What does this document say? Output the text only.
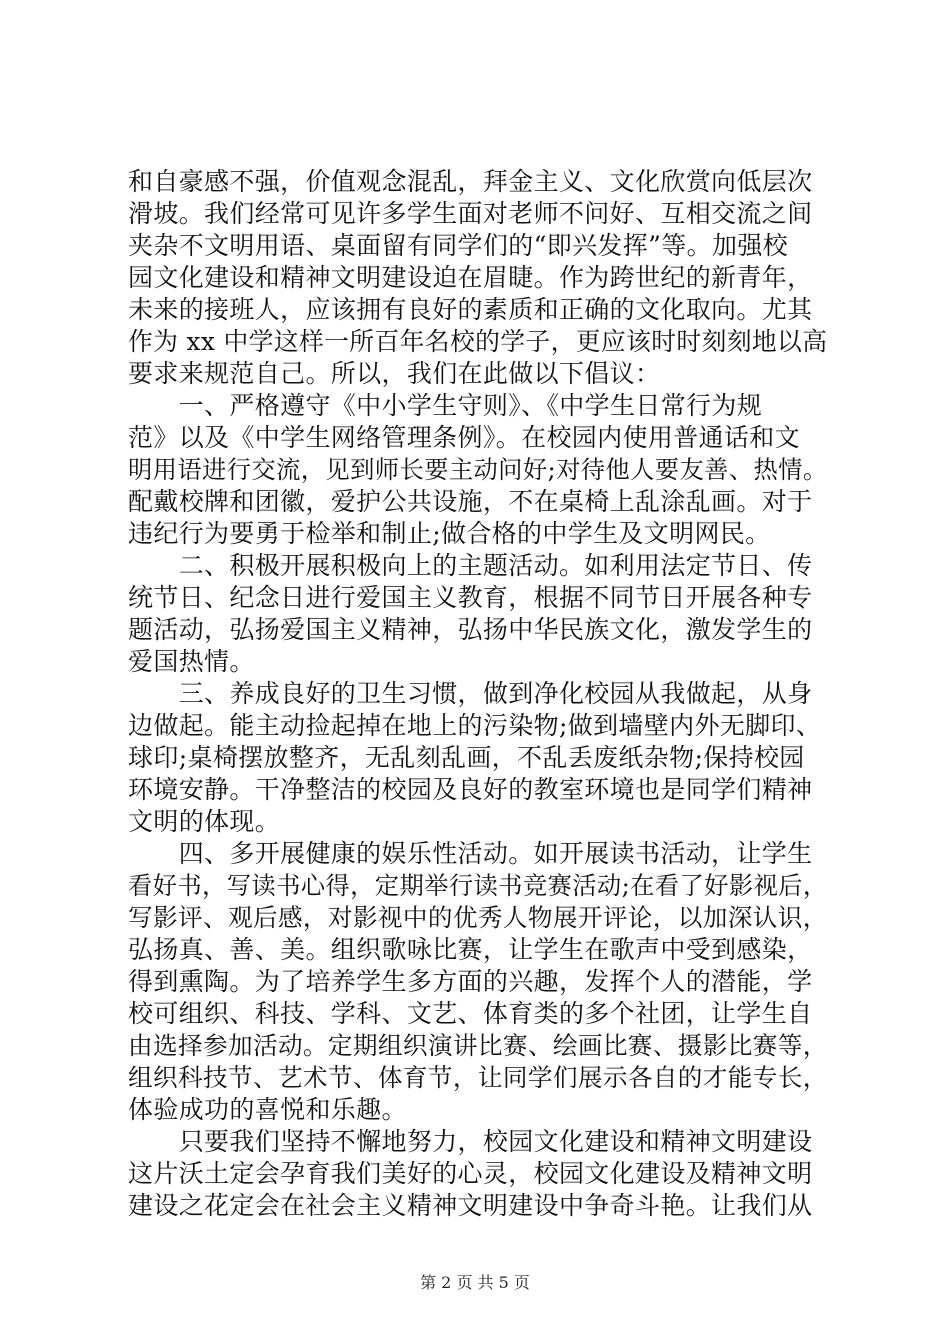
和自豪感不强，价值观念混乱，拜金主义、文化欣赏向低层次
滑坡。我们经常可见许多学生面对老师不问好、互相交流之间
夹杂不文明用语、桌面留有同学们的“即兴发挥”等。加强校
园文化建设和精神文明建设迫在眉睫。作为跨世纪的新青年，
未来的接班人，应该拥有良好的素质和正确的文化取向。尤其
作为 xx 中学这样一所百年名校的学子，更应该时时刻刻地以高
要求来规范自己。所以，我们在此做以下倡议：
　　一、严格遵守《中小学生守则》、《中学生日常行为规
范》以及《中学生网络管理条例》。在校园内使用普通话和文
明用语进行交流，见到师长要主动问好;对待他人要友善、热情。
配戴校牌和团徽，爱护公共设施，不在桌椅上乱涂乱画。对于
违纪行为要勇于检举和制止;做合格的中学生及文明网民。
　　二、积极开展积极向上的主题活动。如利用法定节日、传
统节日、纪念日进行爱国主义教育，根据不同节日开展各种专
题活动，弘扬爱国主义精神，弘扬中华民族文化，激发学生的
爱国热情。
　　三、养成良好的卫生习惯，做到净化校园从我做起，从身
边做起。能主动捡起掉在地上的污染物;做到墙壁内外无脚印、
球印;桌椅摆放整齐，无乱刻乱画，不乱丢废纸杂物;保持校园
环境安静。干净整洁的校园及良好的教室环境也是同学们精神
文明的体现。
　　四、多开展健康的娱乐性活动。如开展读书活动，让学生
看好书，写读书心得，定期举行读书竞赛活动;在看了好影视后，
写影评、观后感，对影视中的优秀人物展开评论，以加深认识，
弘扬真、善、美。组织歌咏比赛，让学生在歌声中受到感染，
得到熏陶。为了培养学生多方面的兴趣，发挥个人的潜能，学
校可组织、科技、学科、文艺、体育类的多个社团，让学生自
由选择参加活动。定期组织演讲比赛、绘画比赛、摄影比赛等，
组织科技节、艺术节、体育节，让同学们展示各自的才能专长，
体验成功的喜悦和乐趣。
　　只要我们坚持不懈地努力，校园文化建设和精神文明建设
这片沃土定会孕育我们美好的心灵，校园文化建设及精神文明
建设之花定会在社会主义精神文明建设中争奇斗艳。让我们从
第 2 页 共 5 页
